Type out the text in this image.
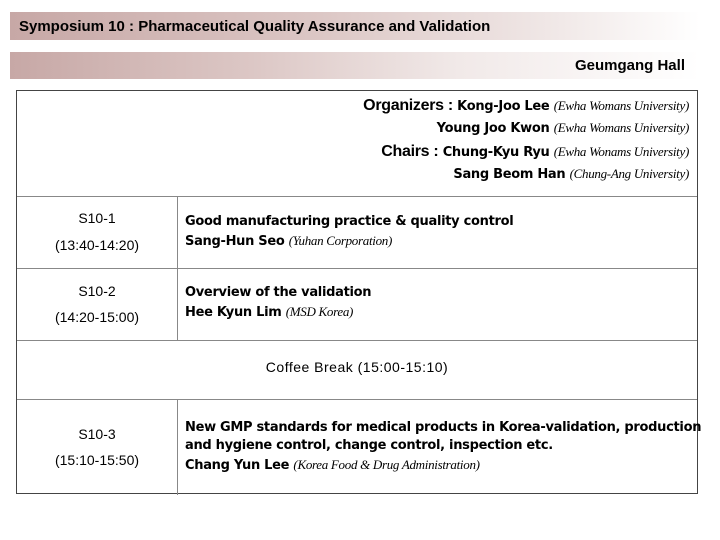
Symposium 10 : Pharmaceutical Quality Assurance and Validation
Geumgang Hall
Organizers : Kong-Joo Lee (Ewha Womans University)
Young Joo Kwon (Ewha Womans University)
Chairs : Chung-Kyu Ryu (Ewha Wonams University)
Sang Beom Han (Chung-Ang University)
S10-1
(13:40-14:20)
Good manufacturing practice & quality control
Sang-Hun Seo (Yuhan Corporation)
S10-2
(14:20-15:00)
Overview of the validation
Hee Kyun Lim (MSD Korea)
Coffee Break (15:00-15:10)
S10-3
(15:10-15:50)
New GMP standards for medical products in Korea-validation, production
and hygiene control, change control, inspection etc.
Chang Yun Lee (Korea Food & Drug Administration)
